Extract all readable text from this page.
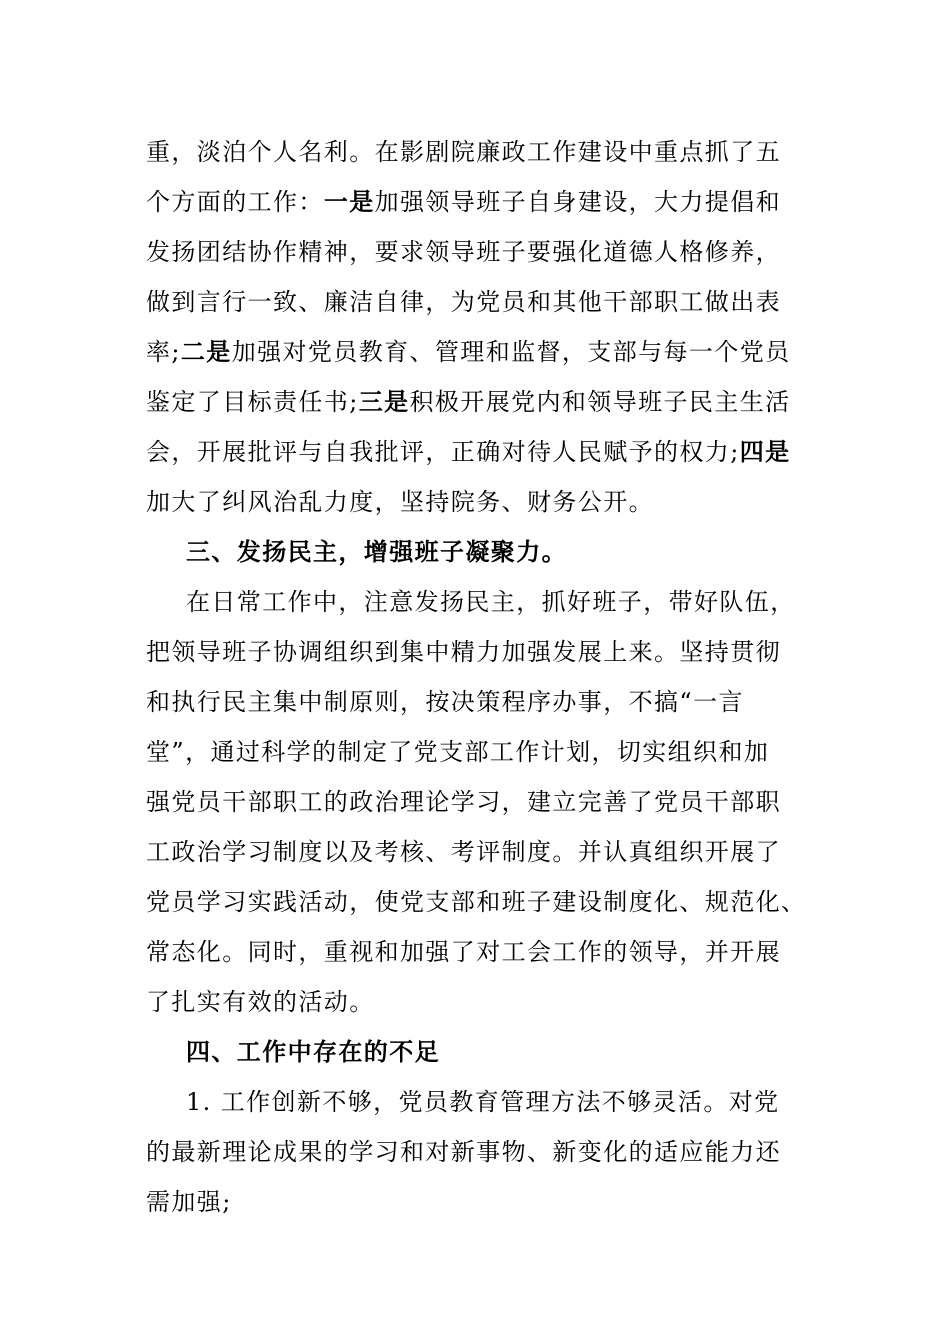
重，淡泊个人名利。在影剧院廉政工作建设中重点抓了五
个方面的工作：一是加强领导班子自身建设，大力提倡和
发扬团结协作精神，要求领导班子要强化道德人格修养，
做到言行一致、廉洁自律，为党员和其他干部职工做出表
率;二是加强对党员教育、管理和监督，支部与每一个党员
鉴定了目标责任书;三是积极开展党内和领导班子民主生活
会，开展批评与自我批评，正确对待人民赋予的权力;四是
加大了纠风治乱力度，坚持院务、财务公开。
三、发扬民主，增强班子凝聚力。
在日常工作中，注意发扬民主，抓好班子，带好队伍，
把领导班子协调组织到集中精力加强发展上来。坚持贯彻
和执行民主集中制原则，按决策程序办事，不搞“一言
堂”，通过科学的制定了党支部工作计划，切实组织和加
强党员干部职工的政治理论学习，建立完善了党员干部职
工政治学习制度以及考核、考评制度。并认真组织开展了
党员学习实践活动，使党支部和班子建设制度化、规范化、
常态化。同时，重视和加强了对工会工作的领导，并开展
了扎实有效的活动。
四、工作中存在的不足
1. 工作创新不够，党员教育管理方法不够灵活。对党
的最新理论成果的学习和对新事物、新变化的适应能力还
需加强;
